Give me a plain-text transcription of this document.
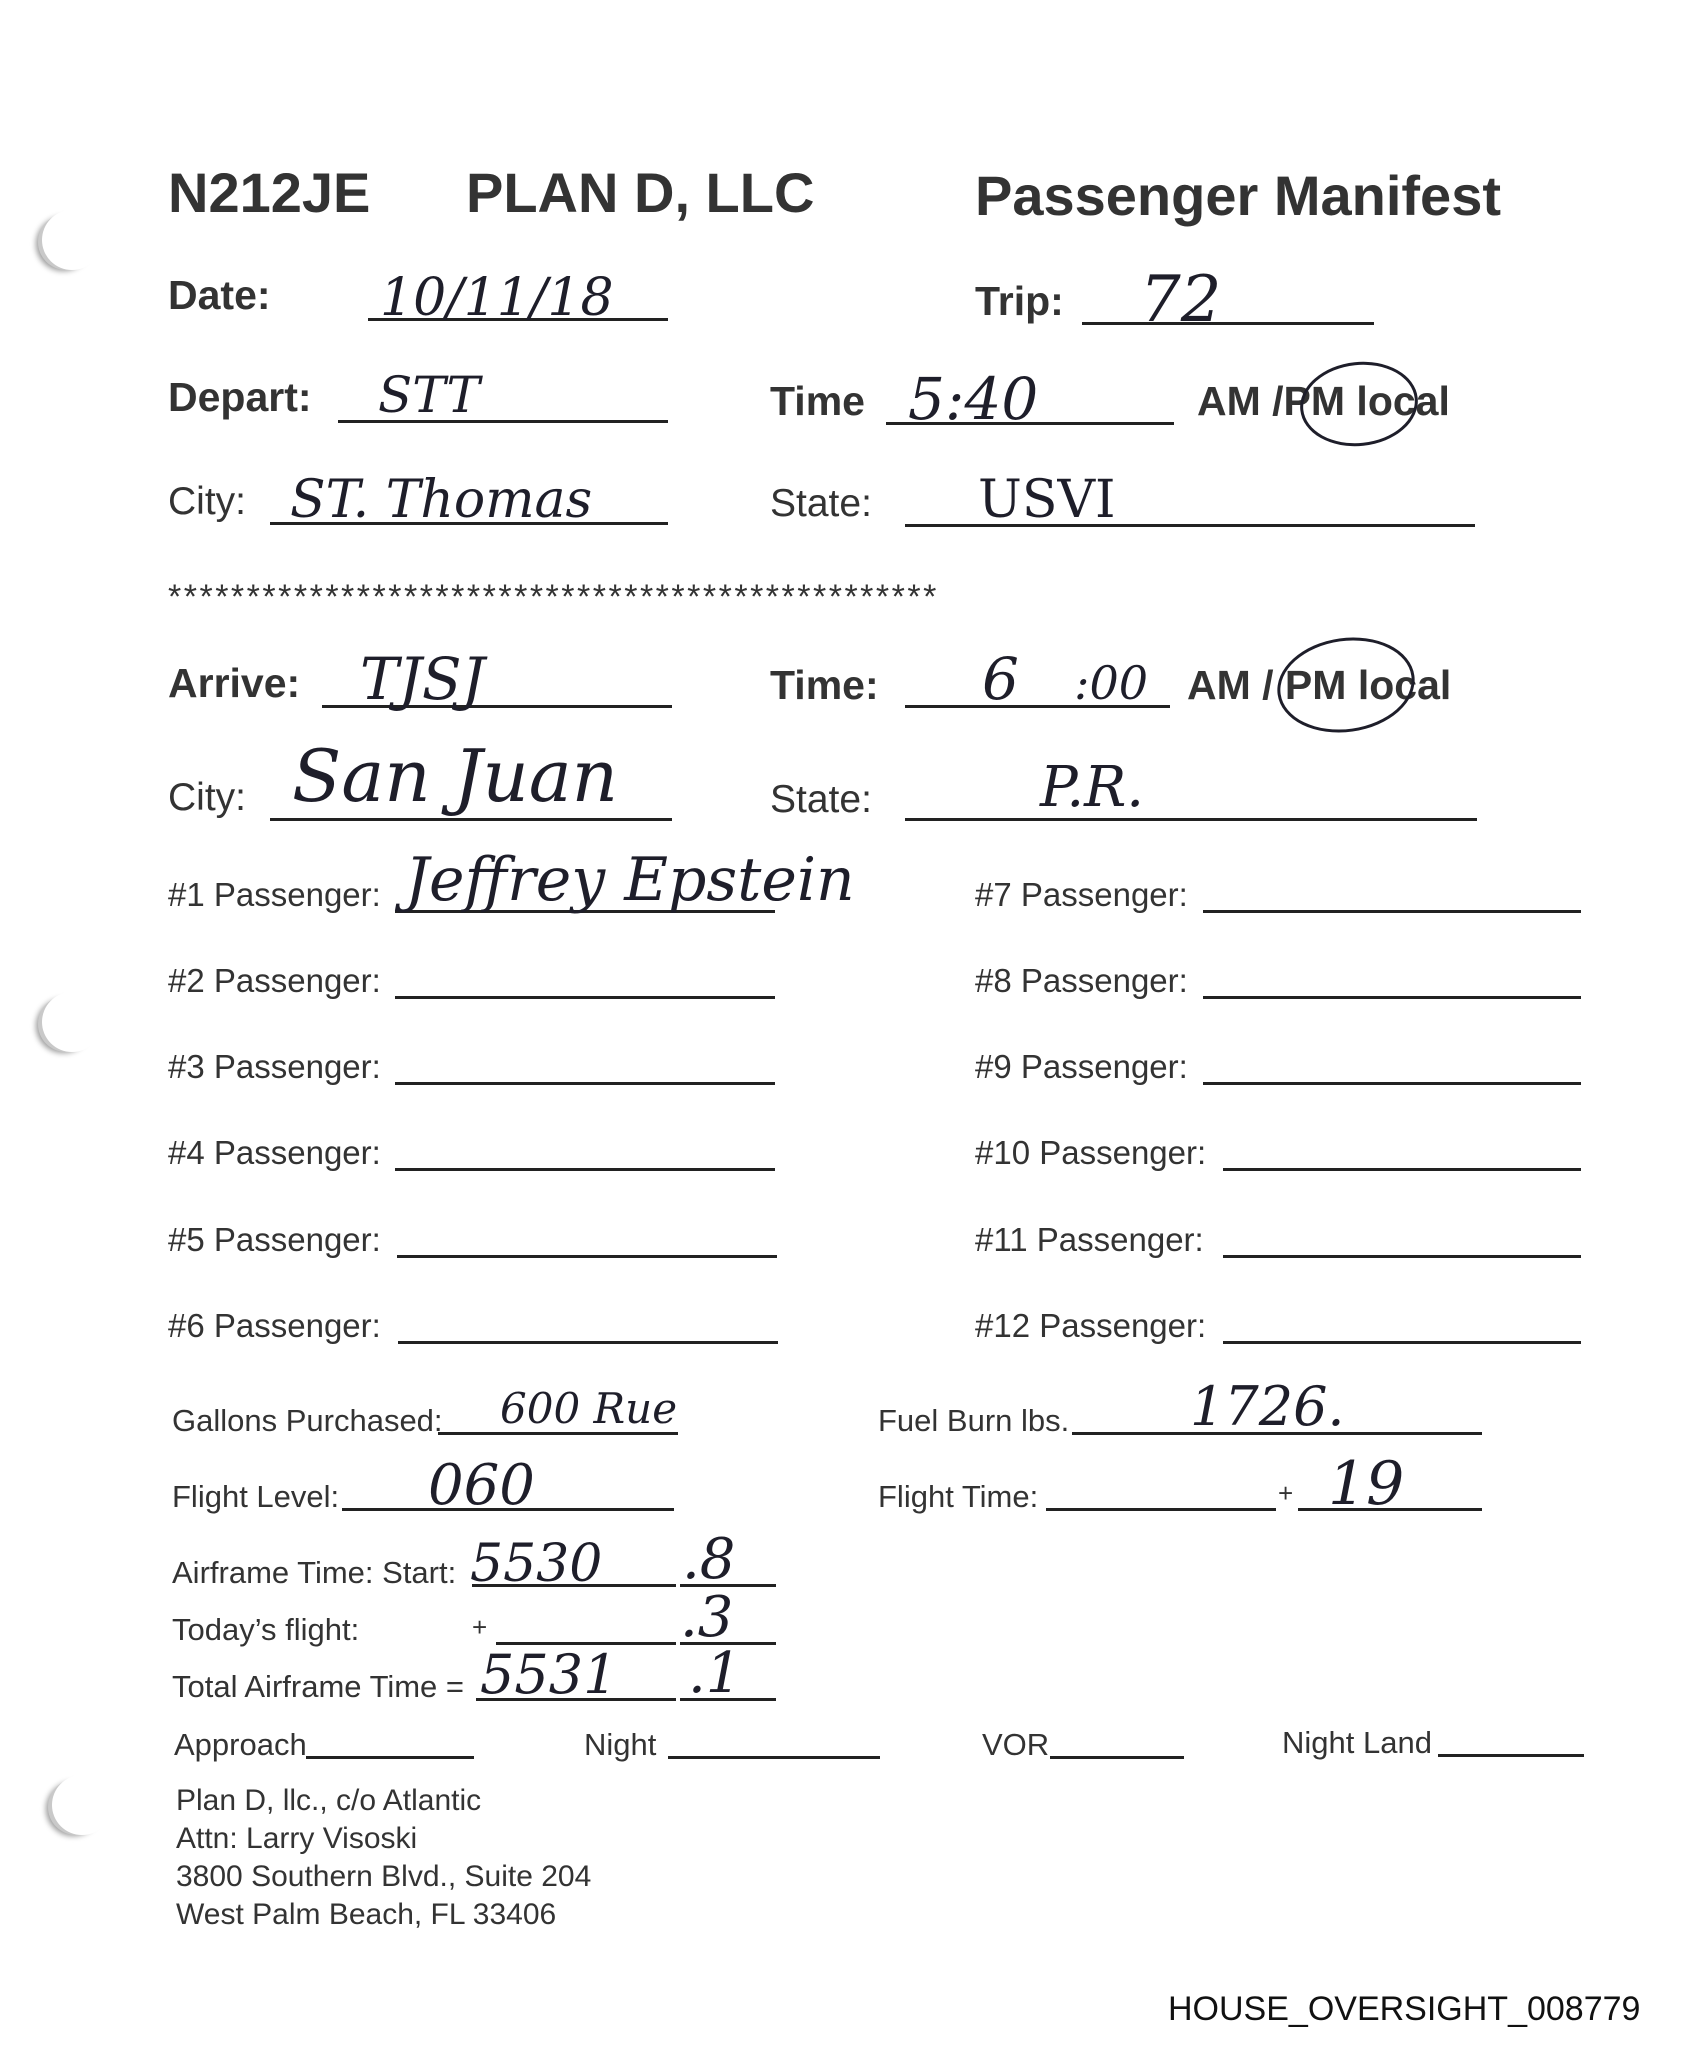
N212JE PLAN D, LLC	Passenger Manifest
Date: 10/11/18	Trip: 72
Depart: STT	Time 5:40	AM /PM local
City: ST. Thomas	State: USVI
*************************************************
Arrive: TJSJ	Time: 6 :00 AM / PM local
City: San Juan	State:	P.R.
#1 Passenger: Jeffrey Epstein
#2 Passenger:
#3 Passenger:
#4 Passenger:
#5 Passenger:
#6 Passenger:
#7 Passenger:
#8 Passenger:
#9 Passenger:
#10 Passenger:
#11 Passenger:
#12 Passenger:
Gallons Purchased: 600 Rue	Fuel Burn lbs. 1726.
Flight Level: 060	Flight Time:	+ 19
Airframe Time: Start: 5530 .8
Today’s flight:	+	.3
Total Airframe Time = 5531 .1
Approach	Night	VOR	Night Land
Plan D, llc., c/o Atlantic
Attn: Larry Visoski
3800 Southern Blvd., Suite 204
West Palm Beach, FL 33406
HOUSE_OVERSIGHT_008779
